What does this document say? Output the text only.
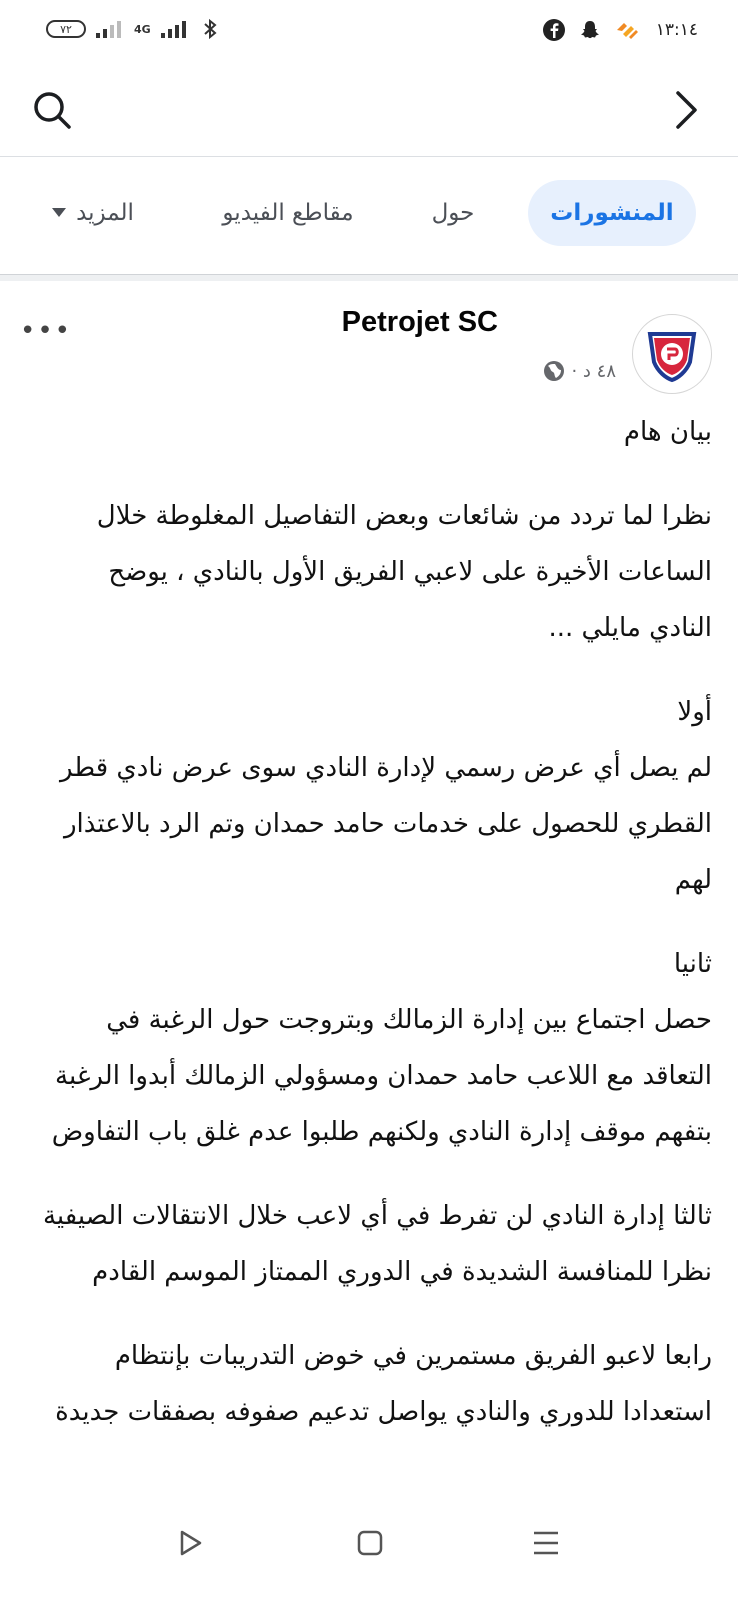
٧٢	4G	١٣:١٤
المنشورات
حول
مقاطع الفيديو
المزيد
Petrojet SC
٤٨ د ·
•••

بيان هام

نظرا لما تردد من شائعات وبعض التفاصيل المغلوطة خلال الساعات الأخيرة على لاعبي الفريق الأول بالنادي ، يوضح النادي مايلي ...

أولا
لم يصل أي عرض رسمي لإدارة النادي سوى عرض نادي قطر القطري للحصول على خدمات حامد حمدان وتم الرد بالاعتذار لهم

ثانيا
حصل اجتماع بين إدارة الزمالك وبتروجت حول الرغبة في التعاقد مع اللاعب حامد حمدان ومسؤولي الزمالك أبدوا الرغبة بتفهم موقف إدارة النادي ولكنهم طلبوا عدم غلق باب التفاوض

ثالثا إدارة النادي لن تفرط في أي لاعب خلال الانتقالات الصيفية نظرا للمنافسة الشديدة في الدوري الممتاز الموسم القادم

رابعا لاعبو الفريق مستمرين في خوض التدريبات بإنتظام استعدادا للدوري والنادي يواصل تدعيم صفوفه بصفقات جديدة
